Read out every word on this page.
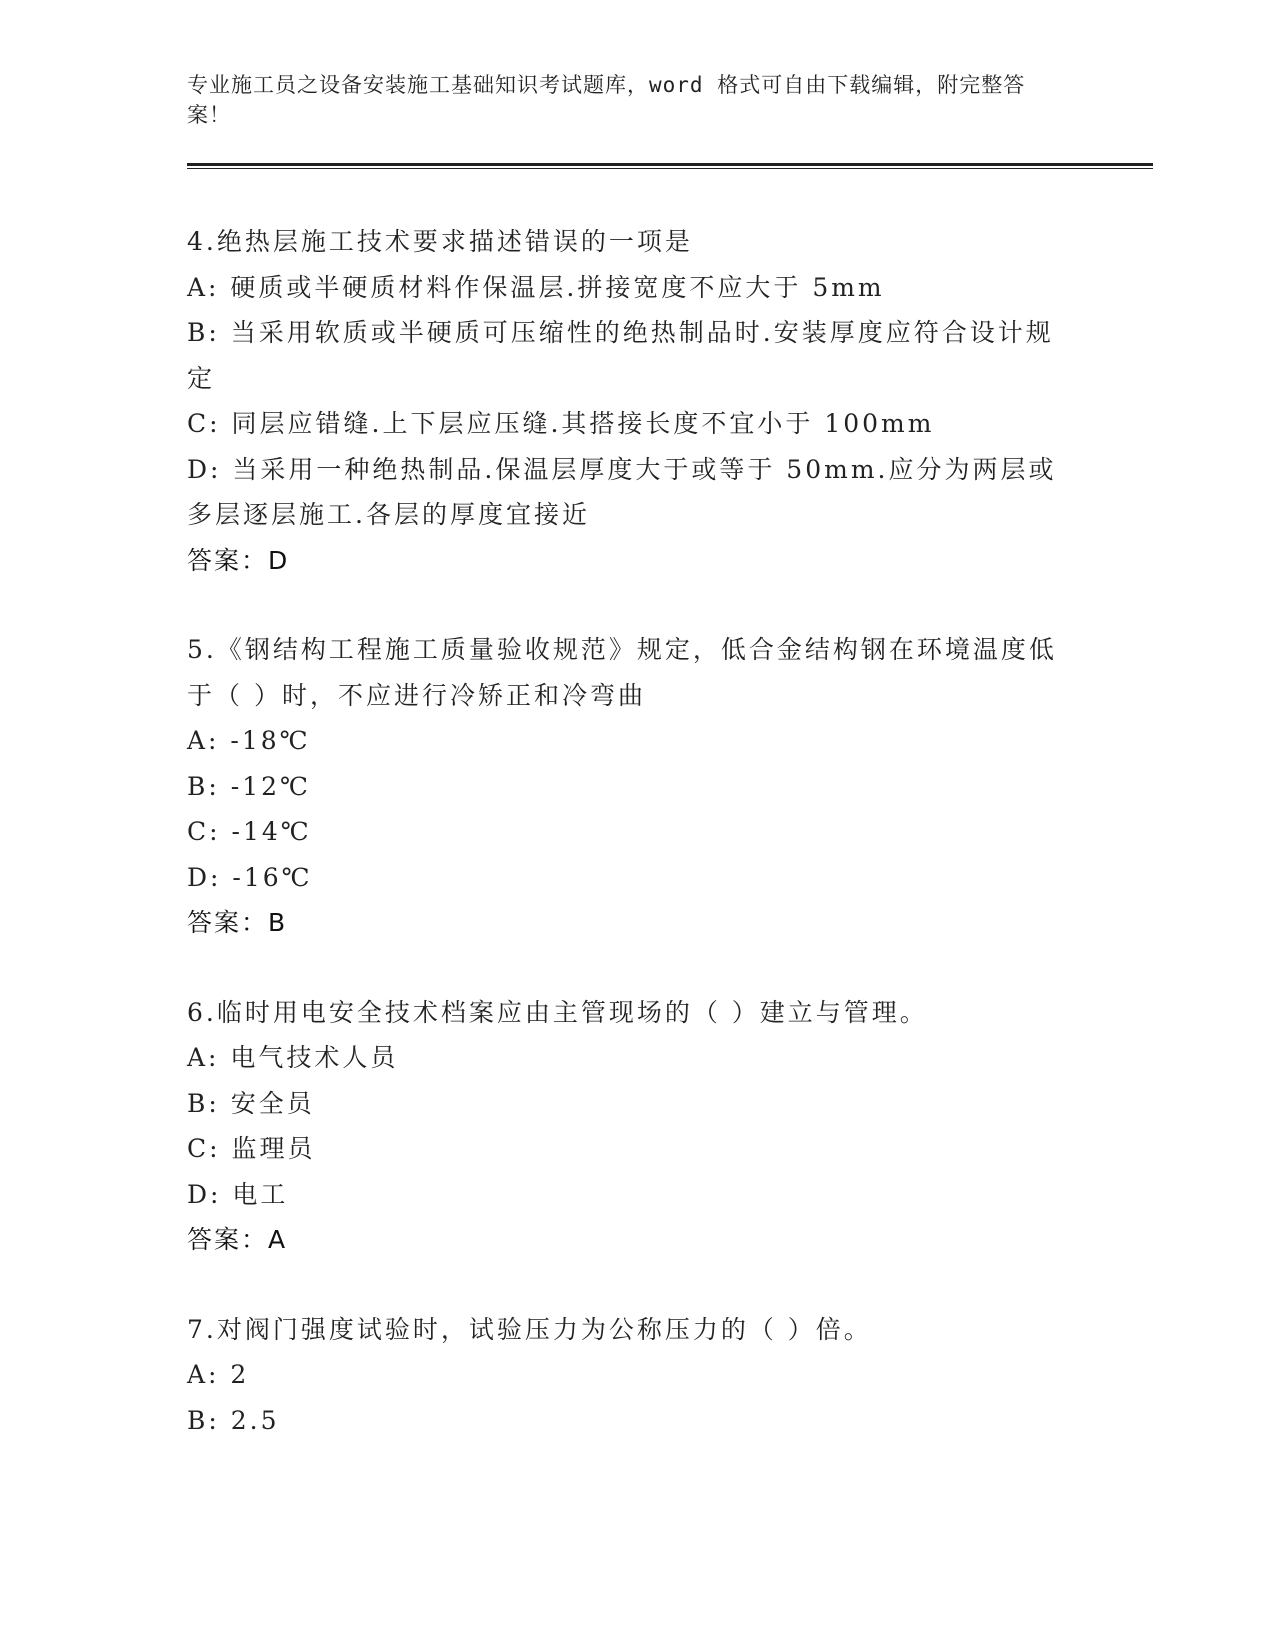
专业施工员之设备安装施工基础知识考试题库，word 格式可自由下载编辑，附完整答案！
4.绝热层施工技术要求描述错误的一项是
A: 硬质或半硬质材料作保温层.拼接宽度不应大于 5mm
B: 当采用软质或半硬质可压缩性的绝热制品时.安装厚度应符合设计规定
C: 同层应错缝.上下层应压缝.其搭接长度不宜小于 100mm
D: 当采用一种绝热制品.保温层厚度大于或等于 50mm.应分为两层或多层逐层施工.各层的厚度宜接近
答案：D
5.《钢结构工程施工质量验收规范》规定，低合金结构钢在环境温度低于（ ）时，不应进行冷矫正和冷弯曲
A: -18℃
B: -12℃
C: -14℃
D: -16℃
答案：B
6.临时用电安全技术档案应由主管现场的（ ）建立与管理。
A: 电气技术人员
B: 安全员
C: 监理员
D: 电工
答案：A
7.对阀门强度试验时，试验压力为公称压力的（ ）倍。
A: 2
B: 2.5
